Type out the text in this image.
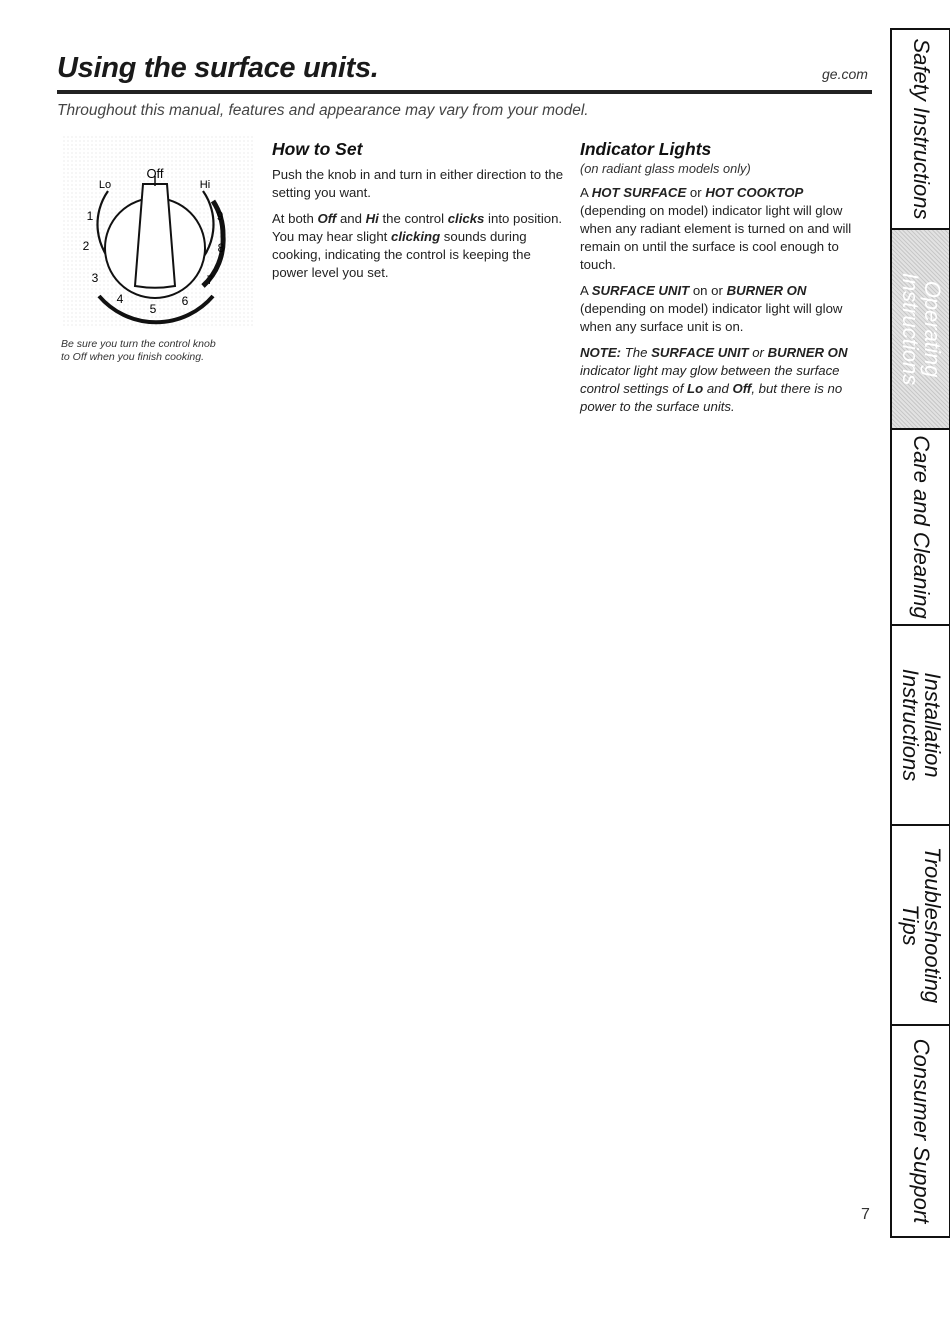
Using the surface units.	ge.com
Throughout this manual, features and appearance may vary from your model.
Off
Lo	Hi
1
2
3
4
5
6
7
8
9
Be sure you turn the control knob
to Off when you finish cooking.
How to Set

Push the knob in and turn in either direction to the setting you want.

At both Off and Hi the control clicks into position. You may hear slight clicking sounds during cooking, indicating the control is keeping the power level you set.

Indicator Lights

(on radiant glass models only)

A HOT SURFACE or HOT COOKTOP (depending on model) indicator light will glow when any radiant element is turned on and will remain on until the surface is cool enough to touch.

A SURFACE UNIT on or BURNER ON (depending on model) indicator light will glow when any surface unit is on.

NOTE: The SURFACE UNIT or BURNER ON indicator light may glow between the surface control settings of Lo and Off, but there is no power to the surface units.

7
Safety Instructions
Operating
Instructions
Care and Cleaning
Installation
Instructions
Troubleshooting
Tips
Consumer Support
